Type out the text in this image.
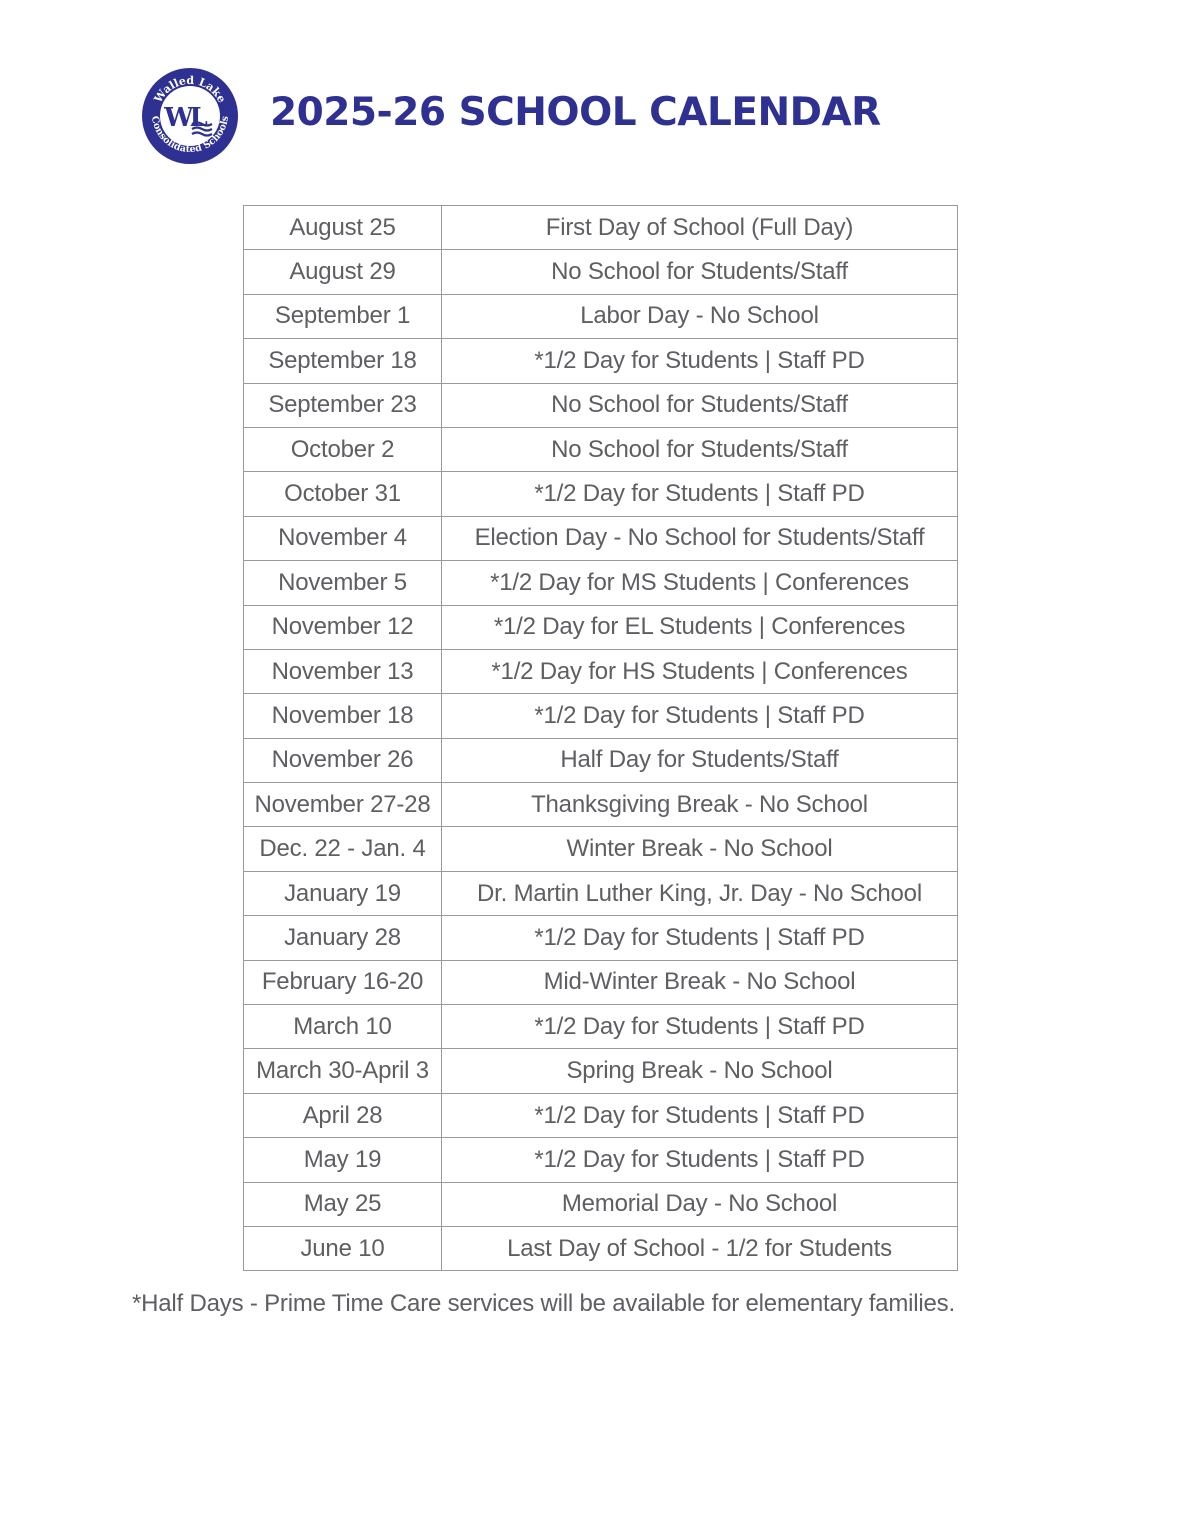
Walled Lake
Consolidated Schools
WL 2025-26 SCHOOL CALENDAR
August 25	First Day of School (Full Day)
August 29	No School for Students/Staff
September 1	Labor Day - No School
September 18	*1/2 Day for Students | Staff PD
September 23	No School for Students/Staff
October 2	No School for Students/Staff
October 31	*1/2 Day for Students | Staff PD
November 4	Election Day - No School for Students/Staff
November 5	*1/2 Day for MS Students | Conferences
November 12	*1/2 Day for EL Students | Conferences
November 13	*1/2 Day for HS Students | Conferences
November 18	*1/2 Day for Students | Staff PD
November 26	Half Day for Students/Staff
November 27-28	Thanksgiving Break - No School
Dec. 22 - Jan. 4	Winter Break - No School
January 19	Dr. Martin Luther King, Jr. Day - No School
January 28	*1/2 Day for Students | Staff PD
February 16-20	Mid-Winter Break - No School
March 10	*1/2 Day for Students | Staff PD
March 30-April 3	Spring Break - No School
April 28	*1/2 Day for Students | Staff PD
May 19	*1/2 Day for Students | Staff PD
May 25	Memorial Day - No School
June 10	Last Day of School - 1/2 for Students
*Half Days - Prime Time Care services will be available for elementary families.
